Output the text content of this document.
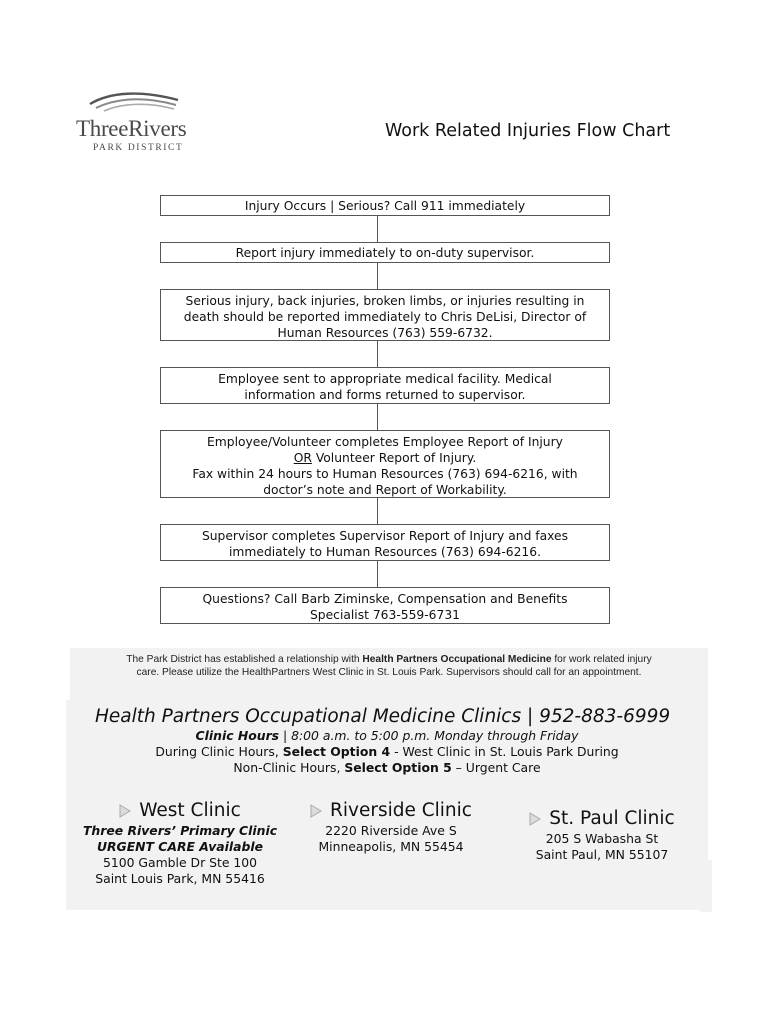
ThreeRivers
PARK DISTRICT
Work Related Injuries Flow Chart
Injury Occurs | Serious? Call 911 immediately
Report injury immediately to on-duty supervisor.
Serious injury, back injuries, broken limbs, or injuries resulting in
death should be reported immediately to Chris DeLisi, Director of
Human Resources (763) 559-6732.
Employee sent to appropriate medical facility. Medical
information and forms returned to supervisor.
Employee/Volunteer completes Employee Report of Injury
OR Volunteer Report of Injury.
Fax within 24 hours to Human Resources (763) 694-6216, with
doctor’s note and Report of Workability.
Supervisor completes Supervisor Report of Injury and faxes
immediately to Human Resources (763) 694-6216.
Questions? Call Barb Ziminske, Compensation and Benefits
Specialist 763-559-6731
The Park District has established a relationship with Health Partners Occupational Medicine for work related injury
care. Please utilize the HealthPartners West Clinic in St. Louis Park. Supervisors should call for an appointment.
Health Partners Occupational Medicine Clinics | 952-883-6999
Clinic Hours | 8:00 a.m. to 5:00 p.m. Monday through Friday
During Clinic Hours, Select Option 4 - West Clinic in St. Louis Park During
Non-Clinic Hours, Select Option 5 – Urgent Care
West Clinic
Three Rivers’ Primary Clinic
URGENT CARE Available
5100 Gamble Dr Ste 100
Saint Louis Park, MN 55416
Riverside Clinic
2220 Riverside Ave S
Minneapolis, MN 55454
St. Paul Clinic
205 S Wabasha St
Saint Paul, MN 55107
